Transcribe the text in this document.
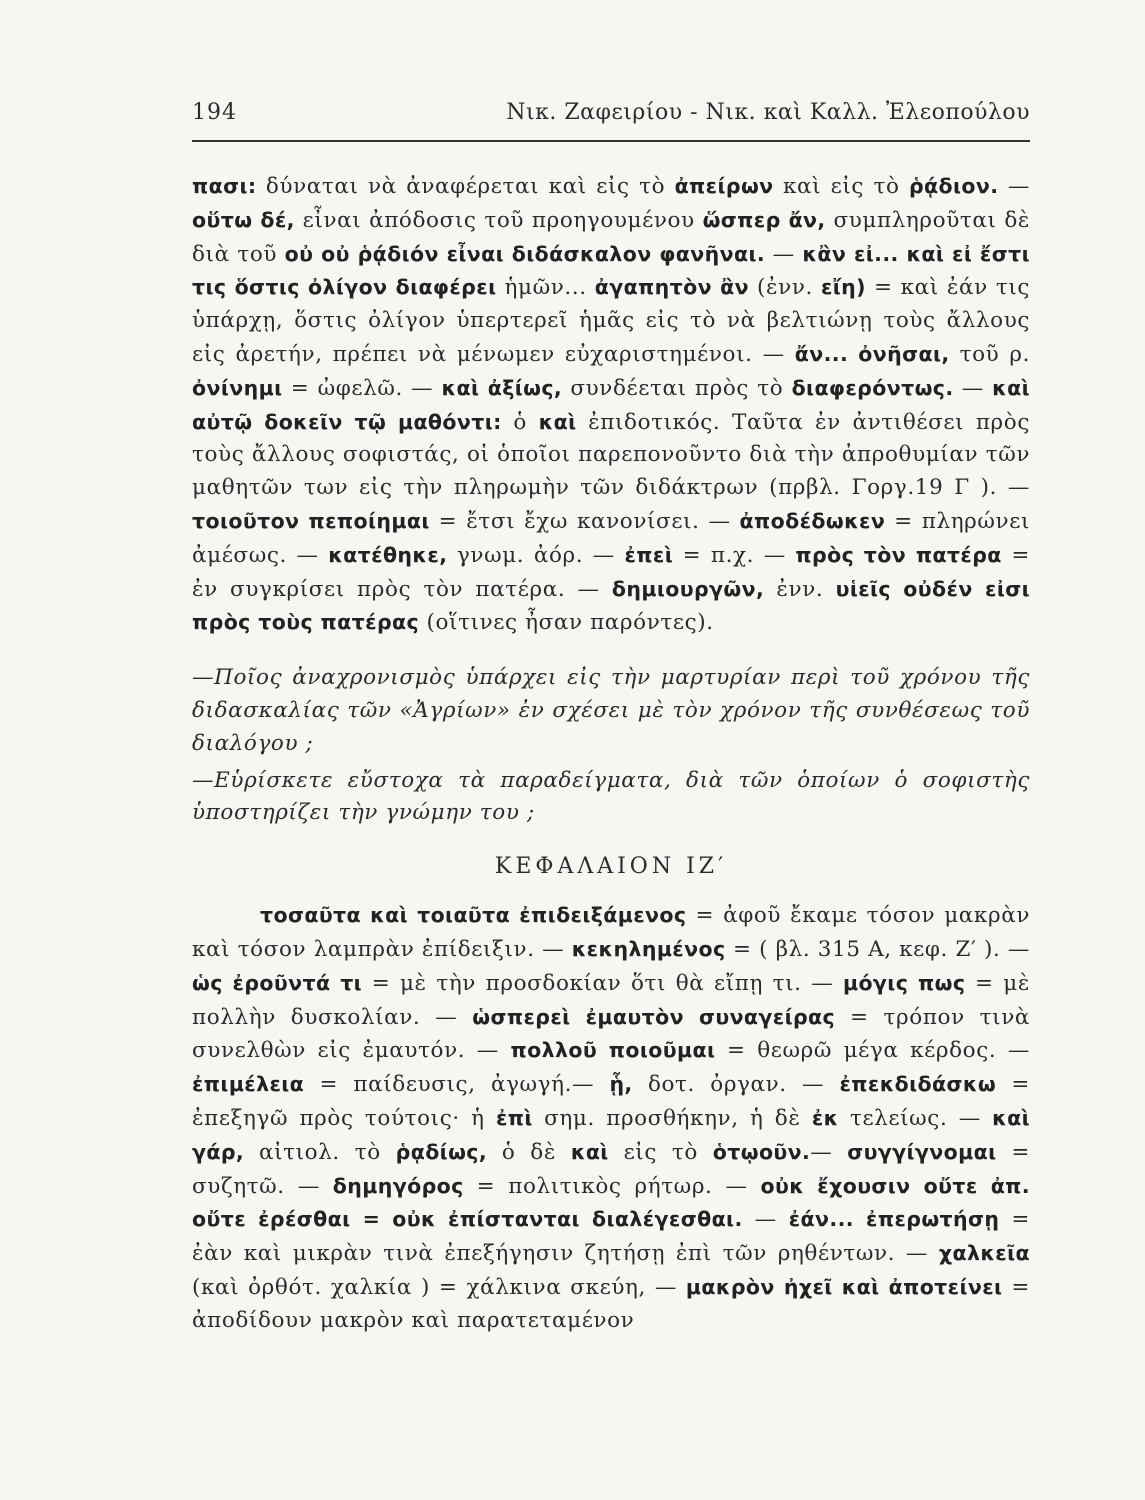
194	Νικ. Ζαφειρίου - Νικ. καὶ Καλλ. Ἐλεοπούλου

πασι: δύναται νὰ ἀναφέρεται καὶ εἰς τὸ ἀπείρων καὶ εἰς τὸ ῥᾴδιον. — οὕτω δέ, εἶναι ἀπόδοσις τοῦ προηγουμένου ὥσπερ ἄν, συμπληροῦται δὲ διὰ τοῦ οὐ οὐ ῥᾴδιόν εἶναι διδάσκαλον φανῆναι. — κἂν εἰ... καὶ εἰ ἔστι τις ὅστις ὀλίγον διαφέρει ἡμῶν... ἀγαπητὸν ἂν (ἐνν. εἴη) = καὶ ἐάν τις ὑπάρχῃ, ὅστις ὀλίγον ὑπερτερεῖ ἡμᾶς εἰς τὸ νὰ βελτιώνῃ τοὺς ἄλλους εἰς ἀρετήν, πρέπει νὰ μένωμεν εὐχαριστημένοι. — ἄν... ὀνῆσαι, τοῦ ρ. ὀνίνημι = ὠφελῶ. — καὶ ἀξίως, συνδέεται πρὸς τὸ διαφερόντως. — καὶ αὐτῷ δοκεῖν τῷ μαθόντι: ὁ καὶ ἐπιδοτικός. Ταῦτα ἐν ἀντιθέσει πρὸς τοὺς ἄλλους σοφιστάς, οἱ ὁποῖοι παρεπονοῦντο διὰ τὴν ἀπροθυμίαν τῶν μαθητῶν των εἰς τὴν πληρωμὴν τῶν διδάκτρων (πρβλ. Γοργ.19 Γ ). — τοιοῦτον πεποίημαι = ἔτσι ἔχω κανονίσει. — ἀποδέδωκεν = πληρώνει ἀμέσως. — κατέθηκε, γνωμ. ἀόρ. — ἐπεὶ = π.χ. — πρὸς τὸν πατέρα = ἐν συγκρίσει πρὸς τὸν πατέρα. — δημιουργῶν, ἐνν. υἱεῖς οὐδέν εἰσι πρὸς τοὺς πατέρας (οἵτινες ἦσαν παρόντες).

—Ποῖος ἀναχρονισμὸς ὑπάρχει εἰς τὴν μαρτυρίαν περὶ τοῦ χρόνου τῆς διδασκαλίας τῶν «Ἀγρίων» ἐν σχέσει μὲ τὸν χρόνον τῆς συνθέσεως τοῦ διαλόγου ;

—Εὑρίσκετε εὔστοχα τὰ παραδείγματα, διὰ τῶν ὁποίων ὁ σοφιστὴς ὑποστηρίζει τὴν γνώμην του ;

ΚΕΦΑΛΑΙΟΝ ΙΖ′

τοσαῦτα καὶ τοιαῦτα ἐπιδειξάμενος = ἀφοῦ ἔκαμε τόσον μακρὰν καὶ τόσον λαμπρὰν ἐπίδειξιν. — κεκηλημένος = ( βλ. 315 Α, κεφ. Ζ′ ). — ὡς ἐροῦντά τι = μὲ τὴν προσδοκίαν ὅτι θὰ εἴπῃ τι. — μόγις πως = μὲ πολλὴν δυσκολίαν. — ὡσπερεὶ ἐμαυτὸν συναγείρας = τρόπον τινὰ συνελθὼν εἰς ἐμαυτόν. — πολλοῦ ποιοῦμαι = θεωρῶ μέγα κέρδος. — ἐπιμέλεια = παίδευσις, ἀγωγή.— ᾗ, δοτ. ὀργαν. — ἐπεκδιδάσκω = ἐπεξηγῶ πρὸς τούτοις· ἡ ἐπὶ σημ. προσθήκην, ἡ δὲ ἐκ τελείως. — καὶ γάρ, αἰτιολ. τὸ ῥᾳδίως, ὁ δὲ καὶ εἰς τὸ ὁτῳοῦν.— συγγίγνομαι = συζητῶ. — δημηγόρος = πολιτικὸς ρήτωρ. — οὐκ ἔχουσιν οὔτε ἀπ. οὔτε ἐρέσθαι = οὐκ ἐπίστανται διαλέγεσθαι. — ἐάν... ἐπερωτήσῃ = ἐὰν καὶ μικρὰν τινὰ ἐπεξήγησιν ζητήσῃ ἐπὶ τῶν ρηθέντων. — χαλκεῖα (καὶ ὀρθότ. χαλκία ) = χάλκινα σκεύη, — μακρὸν ἠχεῖ καὶ ἀποτείνει = ἀποδίδουν μακρὸν καὶ παρατεταμένον
